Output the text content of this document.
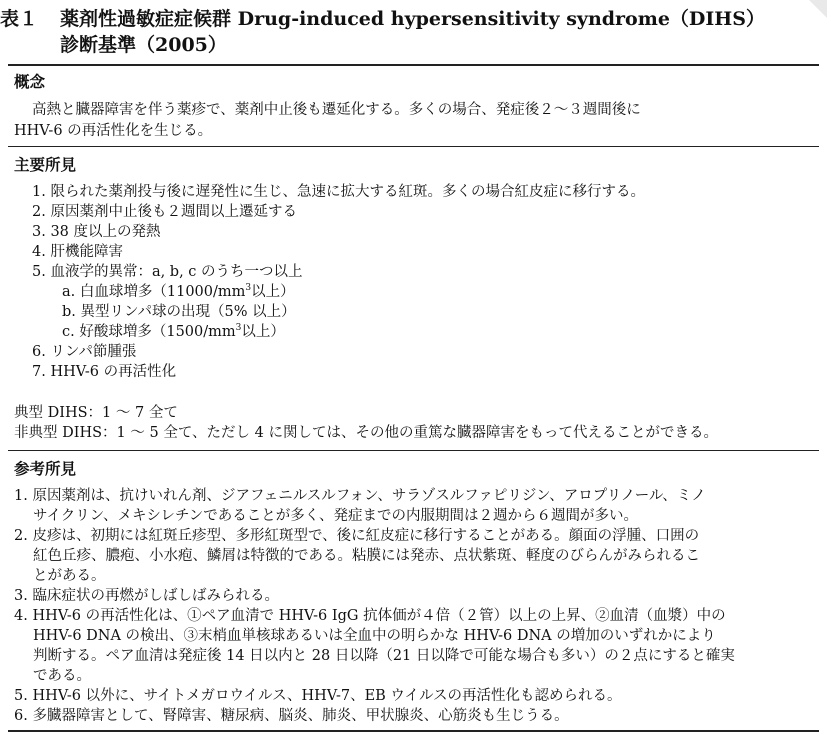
表１ 薬剤性過敏症症候群 Drug-induced hypersensitivity syndrome（DIHS）
診断基準（2005）
概念
高熱と臓器障害を伴う薬疹で、薬剤中止後も遷延化する。多くの場合、発症後２～３週間後に
HHV-6 の再活性化を生じる。
主要所見
1. 限られた薬剤投与後に遅発性に生じ、急速に拡大する紅斑。多くの場合紅皮症に移行する。
2. 原因薬剤中止後も２週間以上遷延する
3. 38 度以上の発熱
4. 肝機能障害
5. 血液学的異常：a, b, c のうち一つ以上
a. 白血球増多（$11000/mm^3$以上）
b. 異型リンパ球の出現（5% 以上）
c. 好酸球増多（$1500/mm^3$以上）
6. リンパ節腫張
7. HHV-6 の再活性化
典型 DIHS：1 ～ 7 全て
非典型 DIHS：1 ～ 5 全て、ただし 4 に関しては、その他の重篤な臓器障害をもって代えることができる。
参考所見
1. 原因薬剤は、抗けいれん剤、ジアフェニルスルフォン、サラゾスルファピリジン、アロプリノール、ミノ
サイクリン、メキシレチンであることが多く、発症までの内服期間は２週から６週間が多い。
2. 皮疹は、初期には紅斑丘疹型、多形紅斑型で、後に紅皮症に移行することがある。顔面の浮腫、口囲の
紅色丘疹、膿疱、小水疱、鱗屑は特徴的である。粘膜には発赤、点状紫斑、軽度のびらんがみられるこ
とがある。
3. 臨床症状の再燃がしばしばみられる。
4. HHV-6 の再活性化は、①ペア血清で HHV-6 IgG 抗体価が４倍（２管）以上の上昇、②血清（血漿）中の
HHV-6 DNA の検出、③末梢血単核球あるいは全血中の明らかな HHV-6 DNA の増加のいずれかにより
判断する。ペア血清は発症後 14 日以内と 28 日以降（21 日以降で可能な場合も多い）の２点にすると確実
である。
5. HHV-6 以外に、サイトメガロウイルス、HHV-7、EB ウイルスの再活性化も認められる。
6. 多臓器障害として、腎障害、糖尿病、脳炎、肺炎、甲状腺炎、心筋炎も生じうる。
